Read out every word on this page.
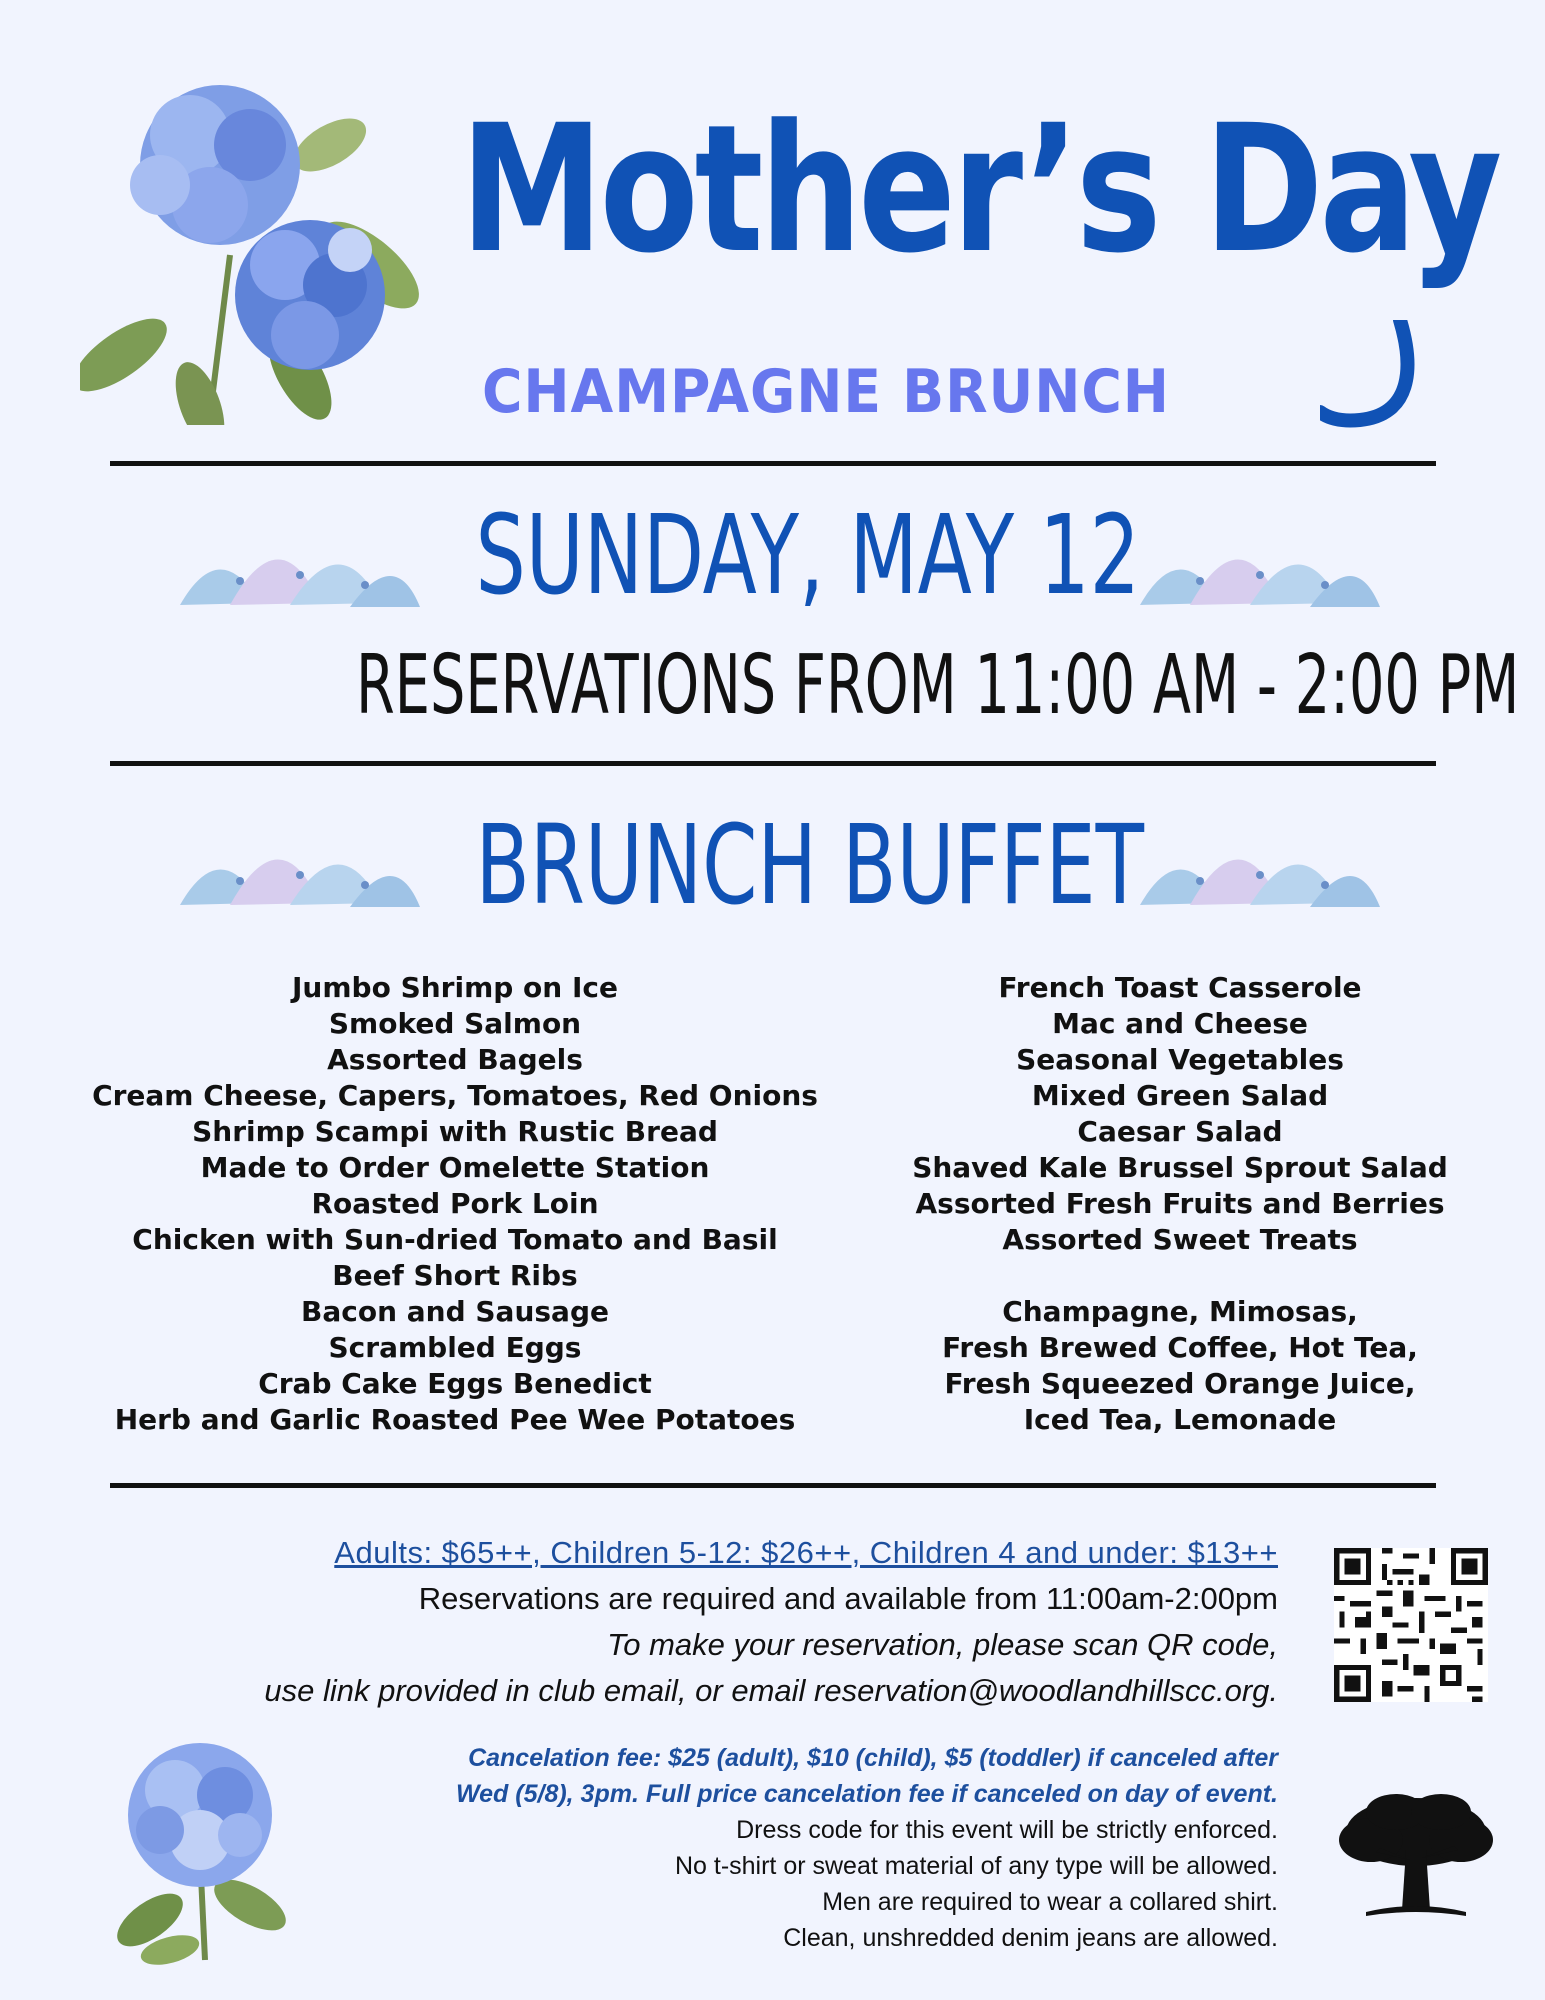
Mother’s Day
CHAMPAGNE BRUNCH
SUNDAY, MAY 12
RESERVATIONS FROM 11:00 AM - 2:00 PM
BRUNCH BUFFET
Jumbo Shrimp on Ice
Smoked Salmon
Assorted Bagels
Cream Cheese, Capers, Tomatoes, Red Onions
Shrimp Scampi with Rustic Bread
Made to Order Omelette Station
Roasted Pork Loin
Chicken with Sun-dried Tomato and Basil
Beef Short Ribs
Bacon and Sausage
Scrambled Eggs
Crab Cake Eggs Benedict
Herb and Garlic Roasted Pee Wee Potatoes
French Toast Casserole
Mac and Cheese
Seasonal Vegetables
Mixed Green Salad
Caesar Salad
Shaved Kale Brussel Sprout Salad
Assorted Fresh Fruits and Berries
Assorted Sweet Treats
Champagne, Mimosas,
Fresh Brewed Coffee, Hot Tea,
Fresh Squeezed Orange Juice,
Iced Tea, Lemonade
Adults: $65++, Children 5-12: $26++, Children 4 and under: $13++
Reservations are required and available from 11:00am-2:00pm
To make your reservation, please scan QR code,
use link provided in club email, or email reservation@woodlandhillscc.org.
Cancelation fee: $25 (adult), $10 (child), $5 (toddler) if canceled after
Wed (5/8), 3pm. Full price cancelation fee if canceled on day of event.
Dress code for this event will be strictly enforced.
No t-shirt or sweat material of any type will be allowed.
Men are required to wear a collared shirt.
Clean, unshredded denim jeans are allowed.
